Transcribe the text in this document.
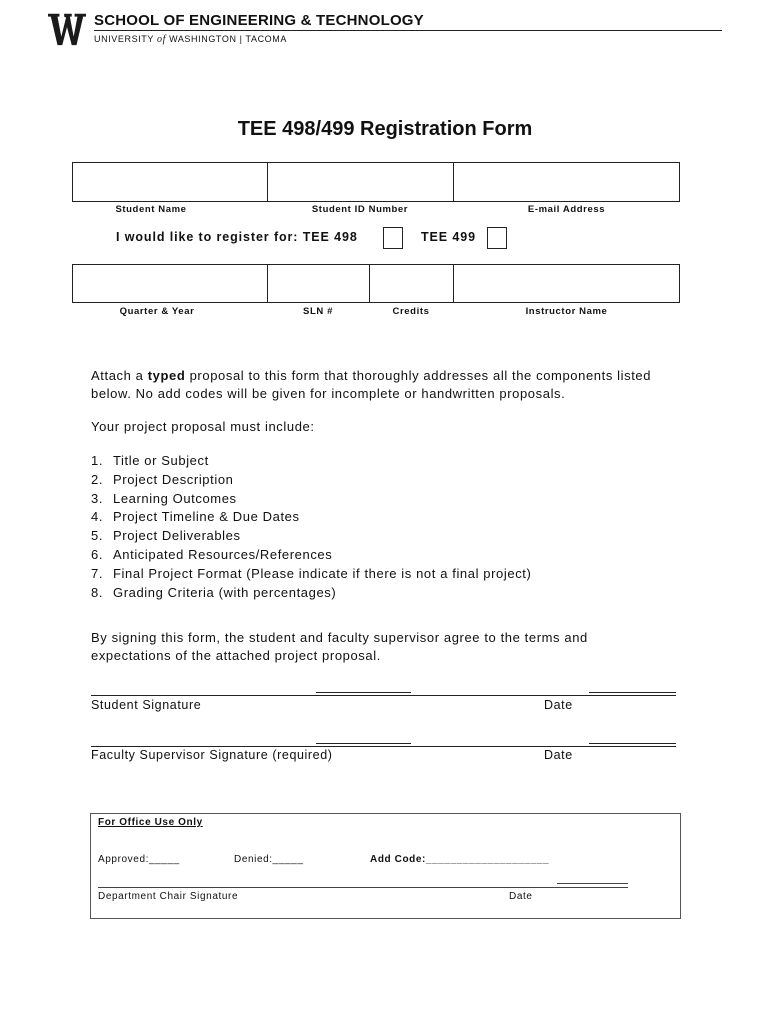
SCHOOL OF ENGINEERING & TECHNOLOGY
UNIVERSITY of WASHINGTON | TACOMA
TEE 498/499 Registration Form
Student Name	Student ID Number	E-mail Address
I would like to register for: TEE 498	TEE 499
Quarter & Year	SLN #	Credits	Instructor Name
Attach a typed proposal to this form that thoroughly addresses all the components listed below. No add codes will be given for incomplete or handwritten proposals.
Your project proposal must include:
1. Title or Subject
2. Project Description
3. Learning Outcomes
4. Project Timeline & Due Dates
5. Project Deliverables
6. Anticipated Resources/References
7. Final Project Format (Please indicate if there is not a final project)
8. Grading Criteria (with percentages)
By signing this form, the student and faculty supervisor agree to the terms and expectations of the attached project proposal.
Student Signature	Date
Faculty Supervisor Signature (required)	Date
For Office Use Only
Approved:_____	Denied:_____	Add Code:____________________
Department Chair Signature	Date
